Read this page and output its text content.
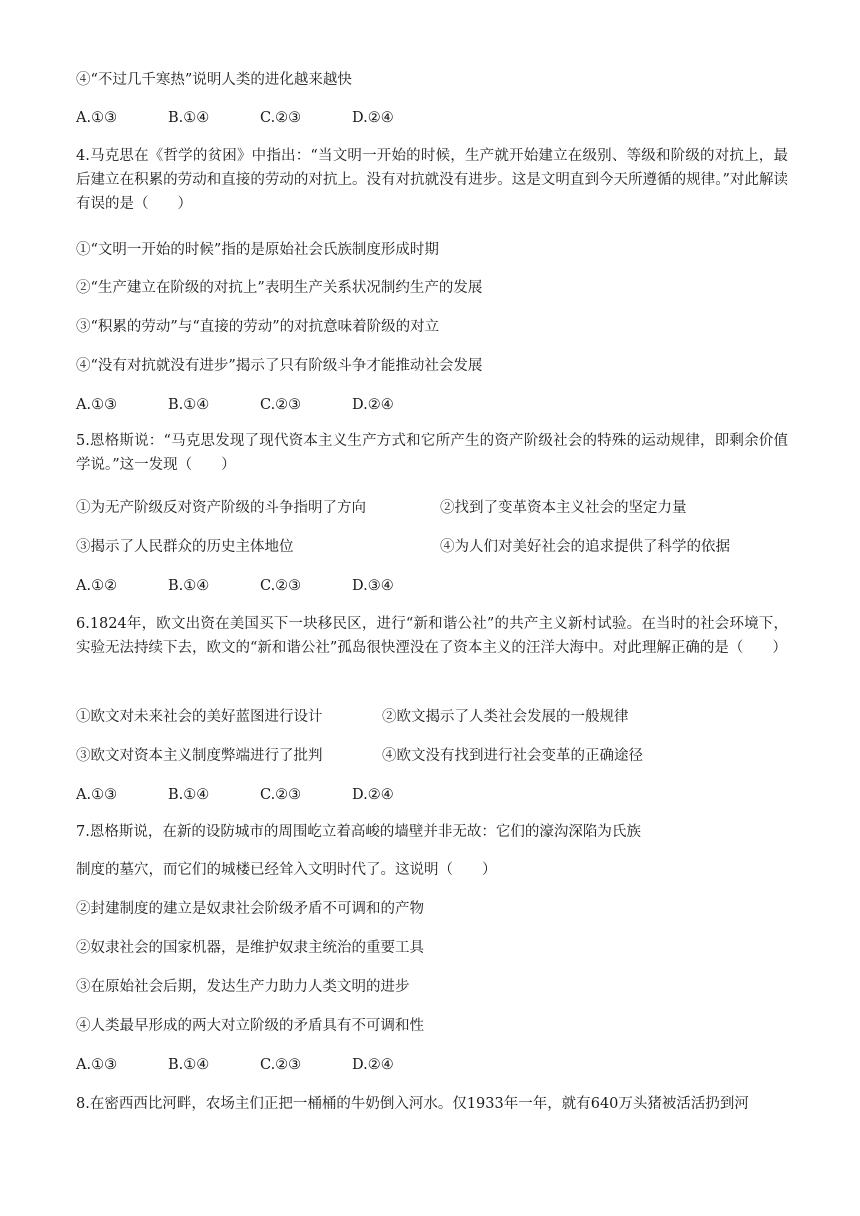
④“不过几千寒热”说明人类的进化越来越快
A.①③	B.①④	C.②③	D.②④
4.马克思在《哲学的贫困》中指出：“当文明一开始的时候，生产就开始建立在级别、等级和阶级的对抗上，最后建立在积累的劳动和直接的劳动的对抗上。没有对抗就没有进步。这是文明直到今天所遵循的规律。”对此解读有误的是（　　）
①“文明一开始的时候”指的是原始社会氏族制度形成时期
②“生产建立在阶级的对抗上”表明生产关系状况制约生产的发展
③“积累的劳动”与“直接的劳动”的对抗意味着阶级的对立
④“没有对抗就没有进步”揭示了只有阶级斗争才能推动社会发展
A.①③	B.①④	C.②③	D.②④
5.恩格斯说：“马克思发现了现代资本主义生产方式和它所产生的资产阶级社会的特殊的运动规律，即剩余价值学说。”这一发现（　　）
①为无产阶级反对资产阶级的斗争指明了方向	②找到了变革资本主义社会的坚定力量
③揭示了人民群众的历史主体地位	④为人们对美好社会的追求提供了科学的依据
A.①②	B.①④	C.②③	D.③④
6.1824年，欧文出资在美国买下一块移民区，进行“新和谐公社”的共产主义新村试验。在当时的社会环境下，实验无法持续下去，欧文的“新和谐公社”孤岛很快湮没在了资本主义的汪洋大海中。对此理解正确的是（　　）
①欧文对未来社会的美好蓝图进行设计	②欧文揭示了人类社会发展的一般规律
③欧文对资本主义制度弊端进行了批判	④欧文没有找到进行社会变革的正确途径
A.①③	B.①④	C.②③	D.②④
7.恩格斯说，在新的设防城市的周围屹立着高峻的墙壁并非无故：它们的濠沟深陷为氏族
制度的墓穴，而它们的城楼已经耸入文明时代了。这说明（　　）
②封建制度的建立是奴隶社会阶级矛盾不可调和的产物
②奴隶社会的国家机器，是维护奴隶主统治的重要工具
③在原始社会后期，发达生产力助力人类文明的进步
④人类最早形成的两大对立阶级的矛盾具有不可调和性
A.①③	B.①④	C.②③	D.②④
8.在密西西比河畔，农场主们正把一桶桶的牛奶倒入河水。仅1933年一年，就有640万头猪被活活扔到河
